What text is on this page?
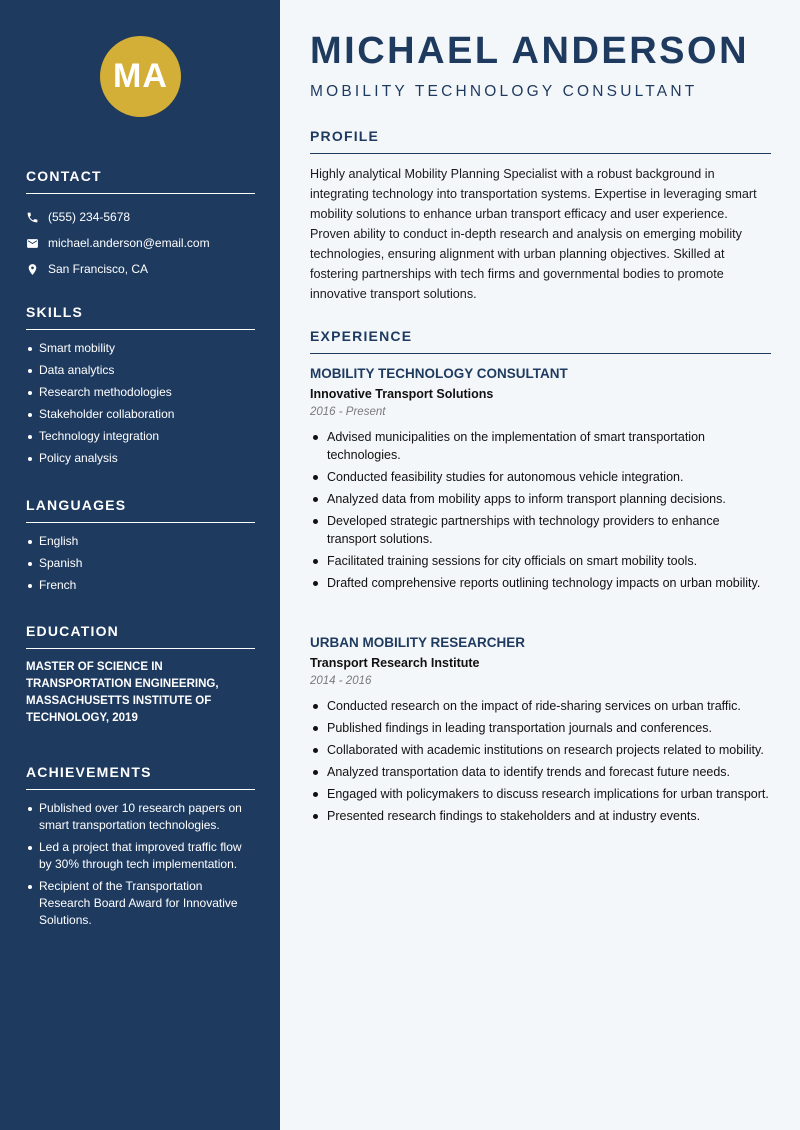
MA
CONTACT
(555) 234-5678
michael.anderson@email.com
San Francisco, CA
SKILLS
Smart mobility
Data analytics
Research methodologies
Stakeholder collaboration
Technology integration
Policy analysis
LANGUAGES
English
Spanish
French
EDUCATION

MASTER OF SCIENCE IN TRANSPORTATION ENGINEERING, MASSACHUSETTS INSTITUTE OF TECHNOLOGY, 2019

ACHIEVEMENTS
Published over 10 research papers on smart transportation technologies.
Led a project that improved traffic flow by 30% through tech implementation.
Recipient of the Transportation Research Board Award for Innovative Solutions.
MICHAEL ANDERSON
MOBILITY TECHNOLOGY CONSULTANT
PROFILE

Highly analytical Mobility Planning Specialist with a robust background in integrating technology into transportation systems. Expertise in leveraging smart mobility solutions to enhance urban transport efficacy and user experience. Proven ability to conduct in-depth research and analysis on emerging mobility technologies, ensuring alignment with urban planning objectives. Skilled at fostering partnerships with tech firms and governmental bodies to promote innovative transport solutions.

EXPERIENCE
MOBILITY TECHNOLOGY CONSULTANT
Innovative Transport Solutions
2016 - Present
Advised municipalities on the implementation of smart transportation technologies.
Conducted feasibility studies for autonomous vehicle integration.
Analyzed data from mobility apps to inform transport planning decisions.
Developed strategic partnerships with technology providers to enhance transport solutions.
Facilitated training sessions for city officials on smart mobility tools.
Drafted comprehensive reports outlining technology impacts on urban mobility.
URBAN MOBILITY RESEARCHER
Transport Research Institute
2014 - 2016
Conducted research on the impact of ride-sharing services on urban traffic.
Published findings in leading transportation journals and conferences.
Collaborated with academic institutions on research projects related to mobility.
Analyzed transportation data to identify trends and forecast future needs.
Engaged with policymakers to discuss research implications for urban transport.
Presented research findings to stakeholders and at industry events.
